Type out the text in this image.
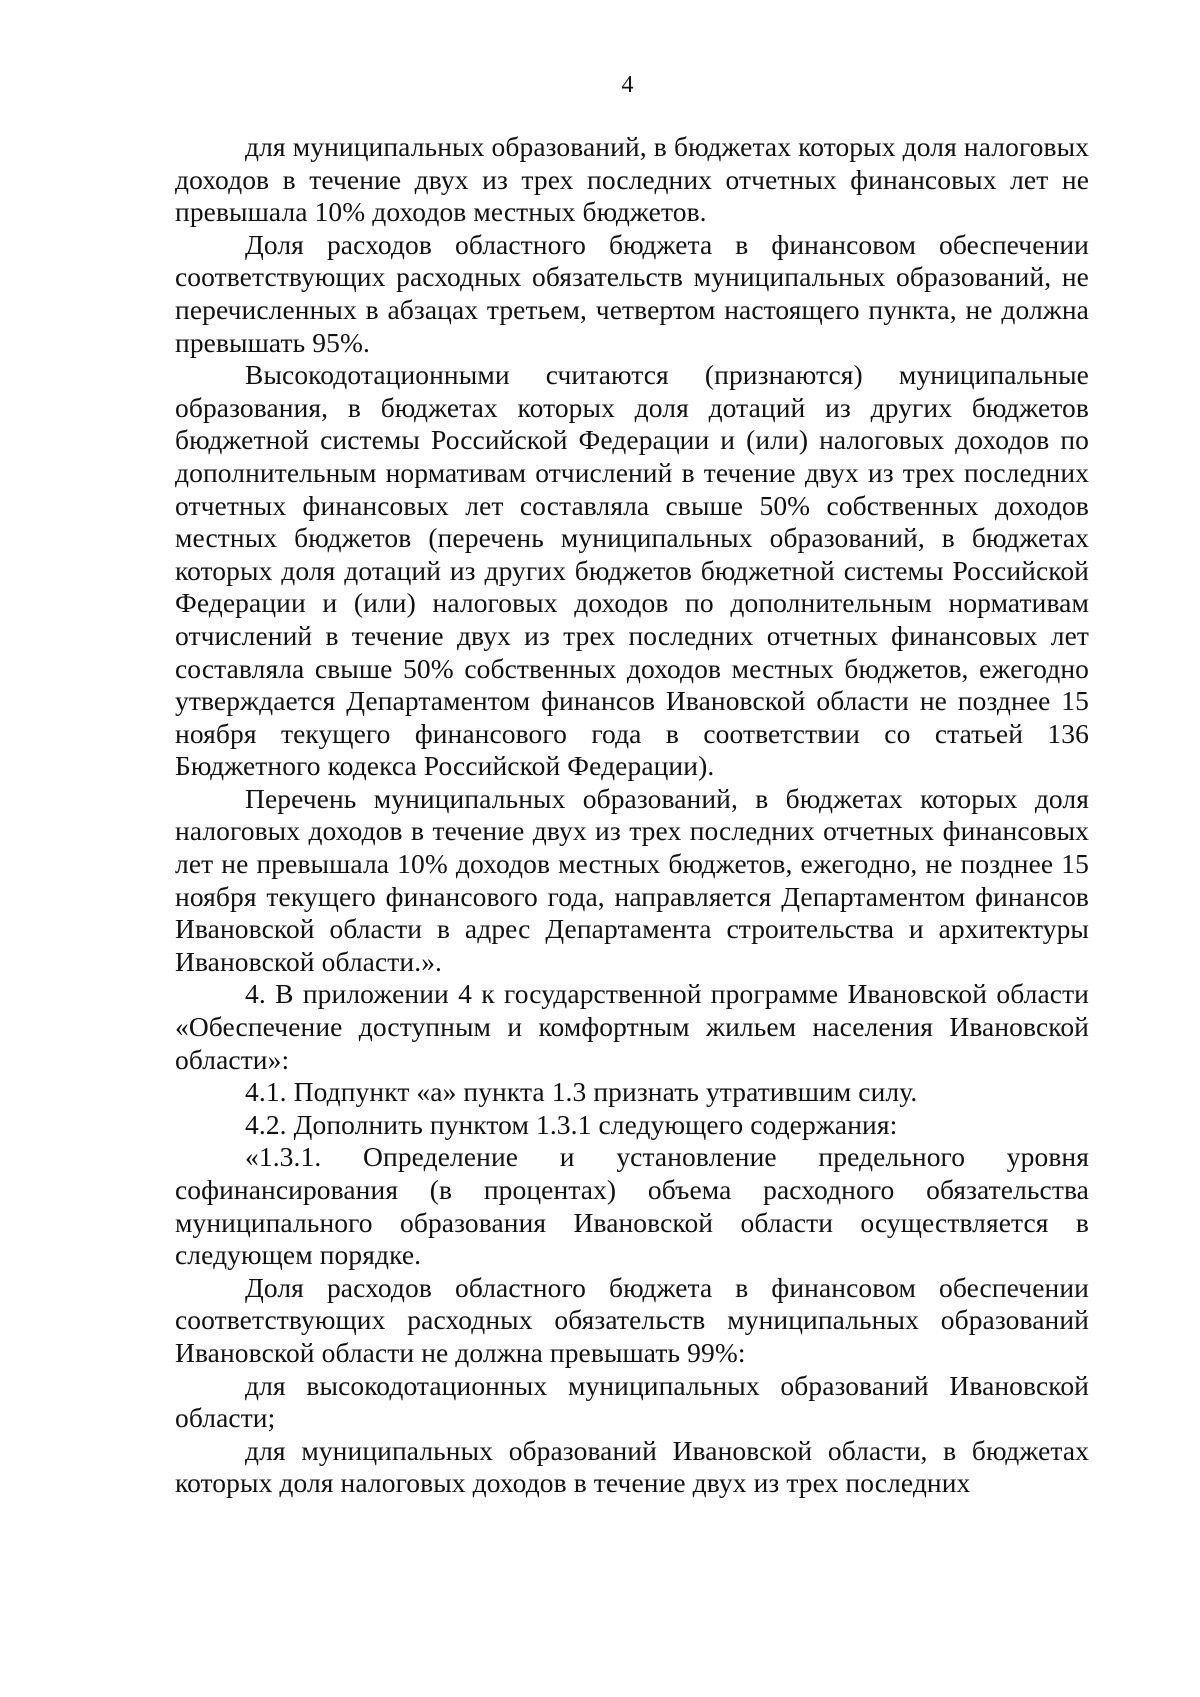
4

для муниципальных образований, в бюджетах которых доля налоговых доходов в течение двух из трех последних отчетных финансовых лет не превышала 10% доходов местных бюджетов.

Доля расходов областного бюджета в финансовом обеспечении соответствующих расходных обязательств муниципальных образований, не перечисленных в абзацах третьем, четвертом настоящего пункта, не должна превышать 95%.

Высокодотационными считаются (признаются) муниципальные образования, в бюджетах которых доля дотаций из других бюджетов бюджетной системы Российской Федерации и (или) налоговых доходов по дополнительным нормативам отчислений в течение двух из трех последних отчетных финансовых лет составляла свыше 50% собственных доходов местных бюджетов (перечень муниципальных образований, в бюджетах которых доля дотаций из других бюджетов бюджетной системы Российской Федерации и (или) налоговых доходов по дополнительным нормативам отчислений в течение двух из трех последних отчетных финансовых лет составляла свыше 50% собственных доходов местных бюджетов, ежегодно утверждается Департаментом финансов Ивановской области не позднее 15 ноября текущего финансового года в соответствии со статьей 136 Бюджетного кодекса Российской Федерации).

Перечень муниципальных образований, в бюджетах которых доля налоговых доходов в течение двух из трех последних отчетных финансовых лет не превышала 10% доходов местных бюджетов, ежегодно, не позднее 15 ноября текущего финансового года, направляется Департаментом финансов Ивановской области в адрес Департамента строительства и архитектуры Ивановской области.».

4. В приложении 4 к государственной программе Ивановской области «Обеспечение доступным и комфортным жильем населения Ивановской области»:

4.1. Подпункт «а» пункта 1.3 признать утратившим силу.

4.2. Дополнить пунктом 1.3.1 следующего содержания:

«1.3.1. Определение и установление предельного уровня софинансирования (в процентах) объема расходного обязательства муниципального образования Ивановской области осуществляется в следующем порядке.

Доля расходов областного бюджета в финансовом обеспечении соответствующих расходных обязательств муниципальных образований Ивановской области не должна превышать 99%:

для высокодотационных муниципальных образований Ивановской области;

для муниципальных образований Ивановской области, в бюджетах которых доля налоговых доходов в течение двух из трех последних
